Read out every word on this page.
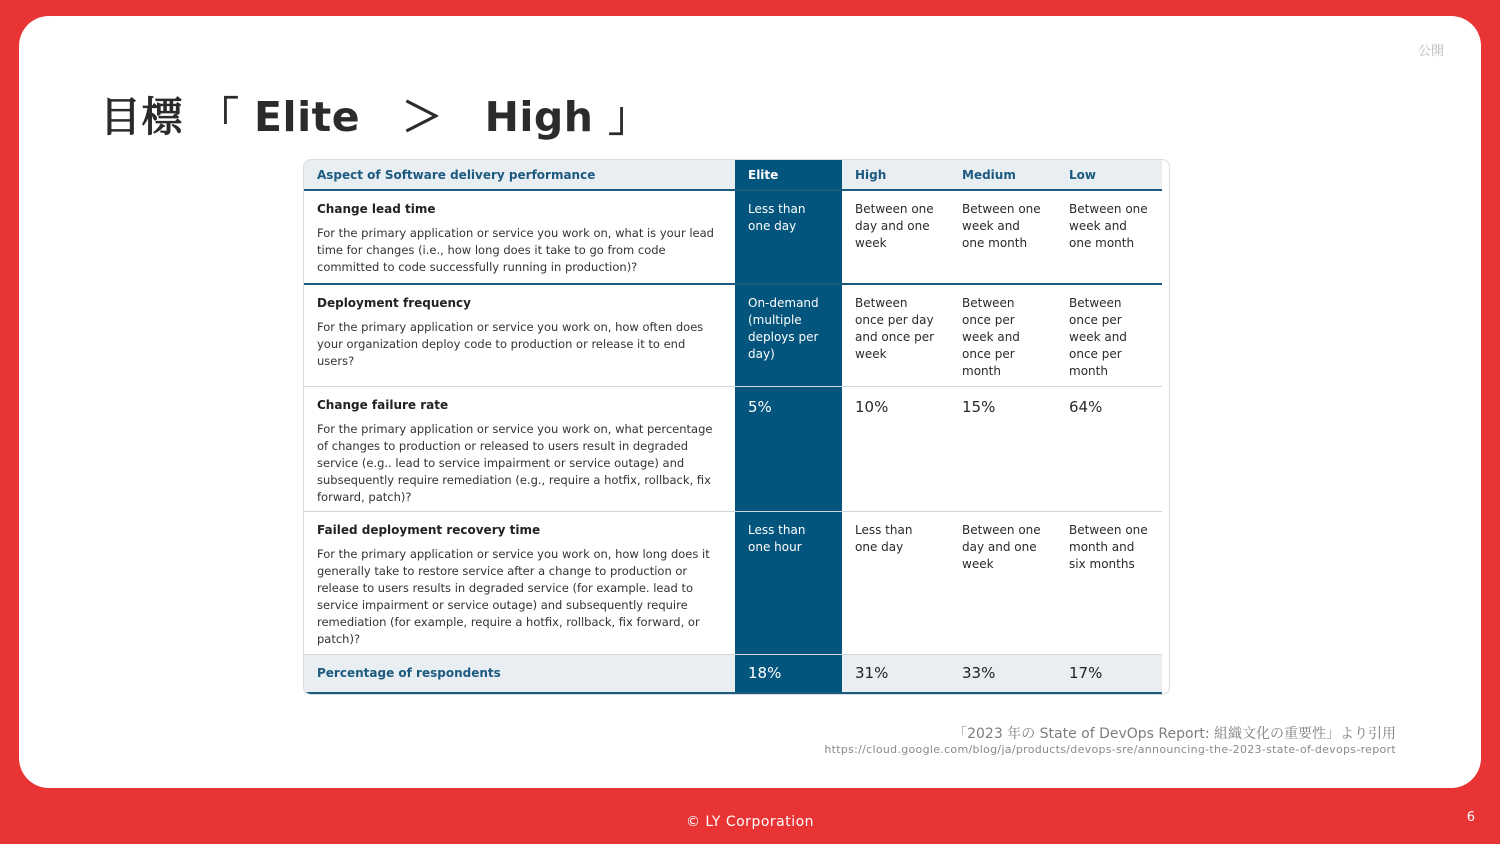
公開
目標 「 Elite　＞　High 」
Aspect of Software delivery performance	Elite	High	Medium	Low

Change lead time
For the primary application or service you work on, what is your lead time for changes (i.e., how long does it take to go from code committed to code successfully running in production)?	Less than one day	Between one day and one week	Between one week and one month	Between one week and one month

Deployment frequency
For the primary application or service you work on, how often does your organization deploy code to production or release it to end users?	On-demand (multiple deploys per day)	Between once per day and once per week	Between once per week and once per month	Between once per week and once per month

Change failure rate
For the primary application or service you work on, what percentage of changes to production or released to users result in degraded service (e.g.. lead to service impairment or service outage) and subsequently require remediation (e.g., require a hotfix, rollback, fix forward, patch)?	5%	10%	15%	64%

Failed deployment recovery time
For the primary application or service you work on, how long does it generally take to restore service after a change to production or release to users results in degraded service (for example. lead to service impairment or service outage) and subsequently require remediation (for example, require a hotfix, rollback, fix forward, or patch)?	Less than one hour	Less than one day	Between one day and one week	Between one month and six months
Percentage of respondents	18%	31%	33%	17%
「2023 年の State of DevOps Report: 組織文化の重要性」より引用
https://cloud.google.com/blog/ja/products/devops-sre/announcing-the-2023-state-of-devops-report
© LY Corporation	6
